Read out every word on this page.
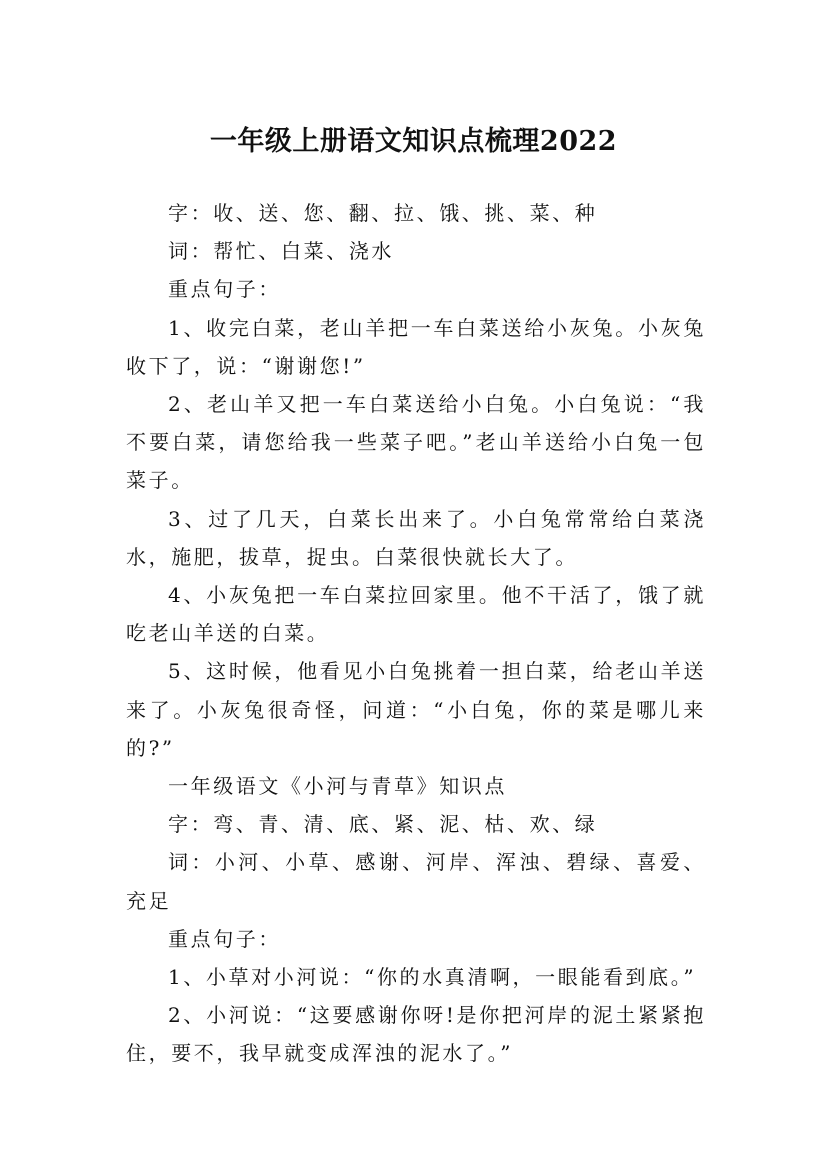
一年级上册语文知识点梳理2022

字：收、送、您、翻、拉、饿、挑、菜、种

词：帮忙、白菜、浇水

重点句子：

1、收完白菜，老山羊把一车白菜送给小灰兔。小灰兔收下了，说：“谢谢您!”

2、老山羊又把一车白菜送给小白兔。小白兔说：“我不要白菜，请您给我一些菜子吧。”老山羊送给小白兔一包菜子。

3、过了几天，白菜长出来了。小白兔常常给白菜浇水，施肥，拔草，捉虫。白菜很快就长大了。

4、小灰兔把一车白菜拉回家里。他不干活了，饿了就吃老山羊送的白菜。

5、这时候，他看见小白兔挑着一担白菜，给老山羊送来了。小灰兔很奇怪，问道：“小白兔，你的菜是哪儿来的?”

一年级语文《小河与青草》知识点

字：弯、青、清、底、紧、泥、枯、欢、绿

词：小河、小草、感谢、河岸、浑浊、碧绿、喜爱、充足

重点句子：

1、小草对小河说：“你的水真清啊，一眼能看到底。”

2、小河说：“这要感谢你呀!是你把河岸的泥土紧紧抱住，要不，我早就变成浑浊的泥水了。”
